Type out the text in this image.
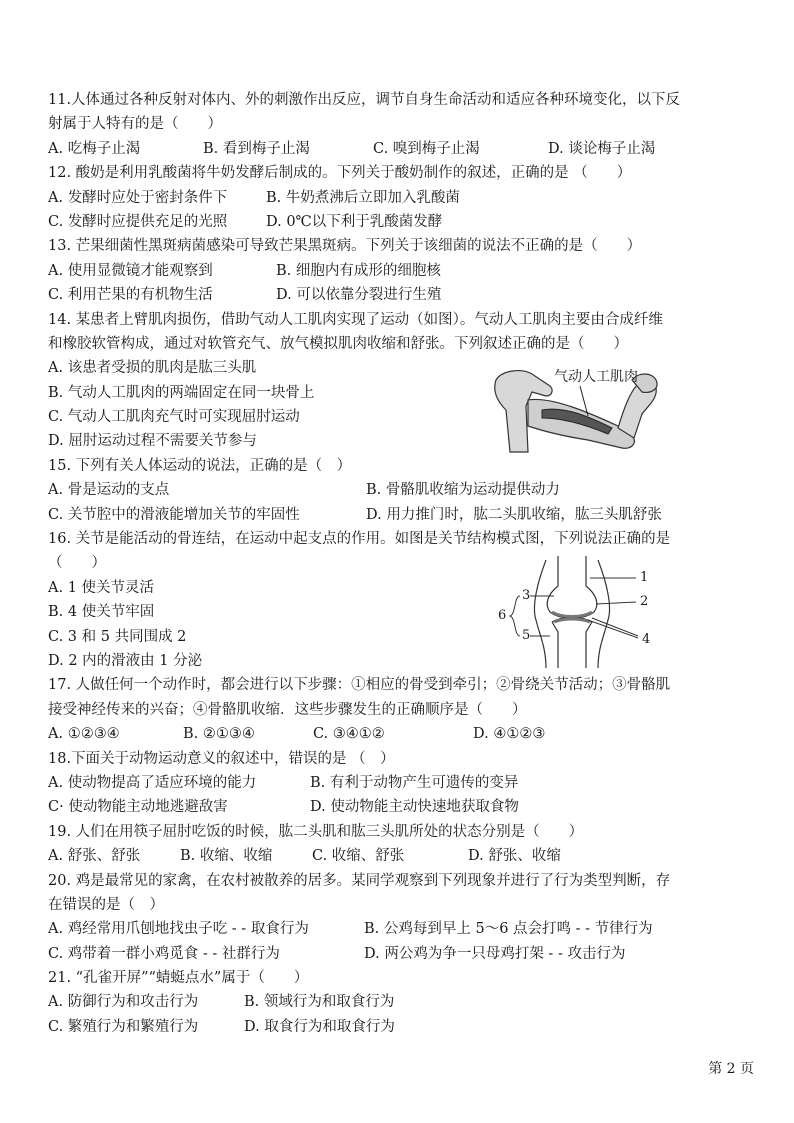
11.人体通过各种反射对体内、外的刺激作出反应，调节自身生命活动和适应各种环境变化，以下反
射属于人特有的是（　　）
A. 吃梅子止渴	B. 看到梅子止渴	C. 嗅到梅子止渴	D. 谈论梅子止渴
12. 酸奶是利用乳酸菌将牛奶发酵后制成的。下列关于酸奶制作的叙述，正确的是 （　　）
A. 发酵时应处于密封条件下	B. 牛奶煮沸后立即加入乳酸菌
C. 发酵时应提供充足的光照	D. 0℃以下利于乳酸菌发酵
13. 芒果细菌性黑斑病菌感染可导致芒果黑斑病。下列关于该细菌的说法不正确的是（　　）
A. 使用显微镜才能观察到	B. 细胞内有成形的细胞核
C. 利用芒果的有机物生活	D. 可以依靠分裂进行生殖
14. 某患者上臂肌肉损伤，借助气动人工肌肉实现了运动（如图）。气动人工肌肉主要由合成纤维
和橡胶软管构成，通过对软管充气、放气模拟肌肉收缩和舒张。下列叙述正确的是（　　）
A. 该患者受损的肌肉是肱三头肌
B. 气动人工肌肉的两端固定在同一块骨上
C. 气动人工肌肉充气时可实现屈肘运动
D. 屈肘运动过程不需要关节参与
15. 下列有关人体运动的说法，正确的是（　）
A. 骨是运动的支点	B. 骨骼肌收缩为运动提供动力
C. 关节腔中的滑液能增加关节的牢固性	D. 用力推门时，肱二头肌收缩，肱三头肌舒张
16. 关节是能活动的骨连结，在运动中起支点的作用。如图是关节结构模式图，下列说法正确的是
（　　）
A. 1 使关节灵活
B. 4 使关节牢固
C. 3 和 5 共同围成 2
D. 2 内的滑液由 1 分泌
17. 人做任何一个动作时，都会进行以下步骤：①相应的骨受到牵引；②骨绕关节活动；③骨骼肌
接受神经传来的兴奋；④骨骼肌收缩．这些步骤发生的正确顺序是（　　）
A. ①②③④	B. ②①③④	C. ③④①②	D. ④①②③
18.下面关于动物运动意义的叙述中，错误的是 （　）
A. 使动物提高了适应环境的能力	B. 有利于动物产生可遗传的变异
C· 使动物能主动地逃避敌害	D. 使动物能主动快速地获取食物
19. 人们在用筷子屈肘吃饭的时候，肱二头肌和肱三头肌所处的状态分别是（　　）
A. 舒张、舒张	B. 收缩、收缩	C. 收缩、舒张	D. 舒张、收缩
20. 鸡是最常见的家禽，在农村被散养的居多。某同学观察到下列现象并进行了行为类型判断，存
在错误的是（　）
A. 鸡经常用爪刨地找虫子吃 - - 取食行为	B. 公鸡每到早上 5～6 点会打鸣 - - 节律行为
C. 鸡带着一群小鸡觅食 - - 社群行为	D. 两公鸡为争一只母鸡打架 - - 攻击行为
21. “孔雀开屏”“蜻蜓点水”属于（　　）
A. 防御行为和攻击行为	B. 领域行为和取食行为
C. 繁殖行为和繁殖行为	D. 取食行为和取食行为
气动人工肌肉
1
2
3
4
5
6
第 2 页
